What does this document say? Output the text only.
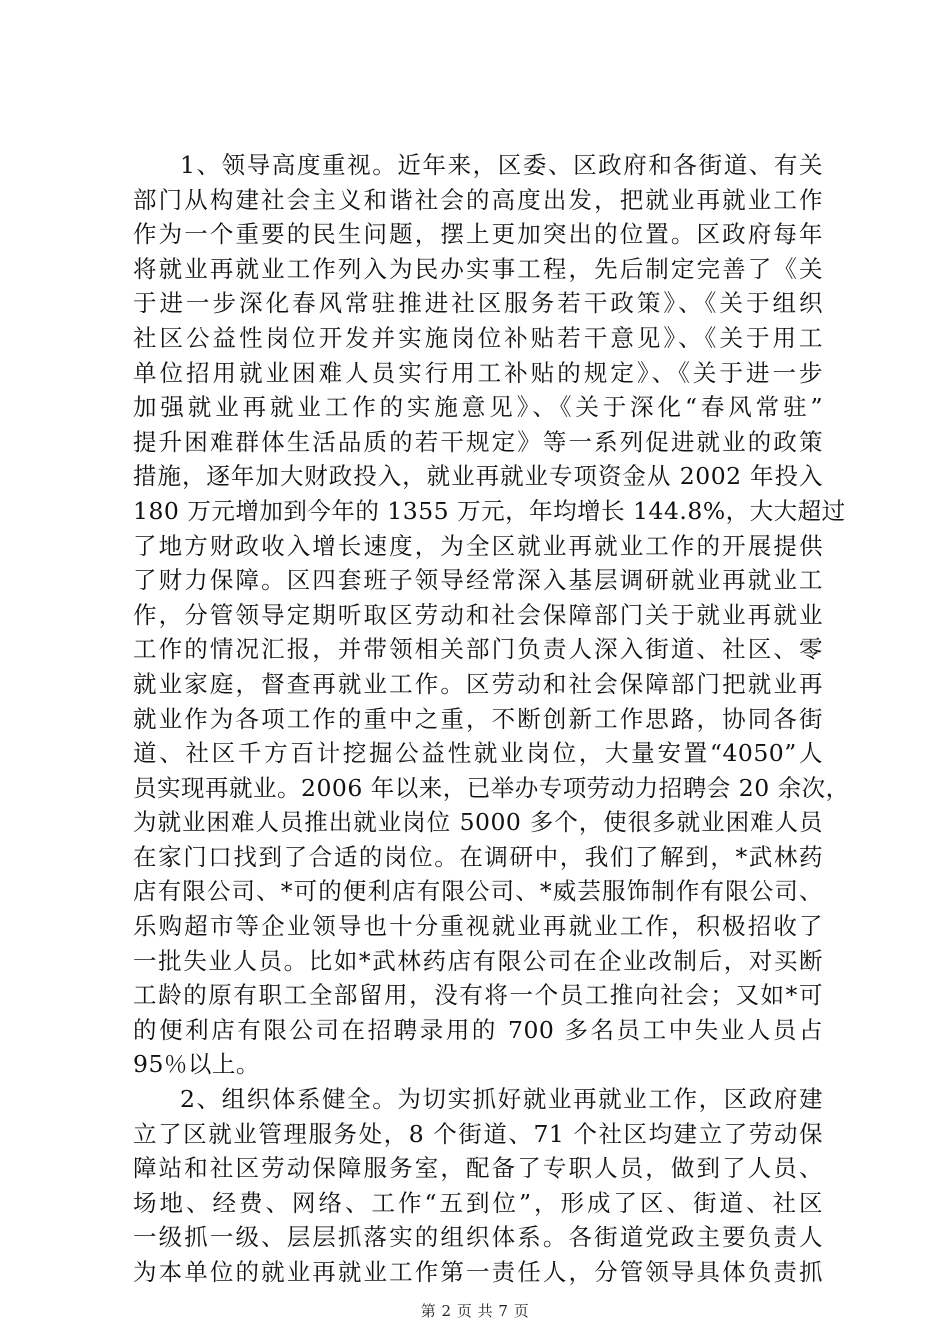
1、领导高度重视。近年来，区委、区政府和各街道、有关
部门从构建社会主义和谐社会的高度出发，把就业再就业工作
作为一个重要的民生问题，摆上更加突出的位置。区政府每年
将就业再就业工作列入为民办实事工程，先后制定完善了《关
于进一步深化春风常驻推进社区服务若干政策》、《关于组织
社区公益性岗位开发并实施岗位补贴若干意见》、《关于用工
单位招用就业困难人员实行用工补贴的规定》、《关于进一步
加强就业再就业工作的实施意见》、《关于深化“春风常驻”
提升困难群体生活品质的若干规定》等一系列促进就业的政策
措施，逐年加大财政投入，就业再就业专项资金从 2002 年投入
180 万元增加到今年的 1355 万元，年均增长 144.8%，大大超过
了地方财政收入增长速度，为全区就业再就业工作的开展提供
了财力保障。区四套班子领导经常深入基层调研就业再就业工
作，分管领导定期听取区劳动和社会保障部门关于就业再就业
工作的情况汇报，并带领相关部门负责人深入街道、社区、零
就业家庭，督查再就业工作。区劳动和社会保障部门把就业再
就业作为各项工作的重中之重，不断创新工作思路，协同各街
道、社区千方百计挖掘公益性就业岗位，大量安置“4050”人
员实现再就业。2006 年以来，已举办专项劳动力招聘会 20 余次，
为就业困难人员推出就业岗位 5000 多个，使很多就业困难人员
在家门口找到了合适的岗位。在调研中，我们了解到，*武林药
店有限公司、*可的便利店有限公司、*威芸服饰制作有限公司、
乐购超市等企业领导也十分重视就业再就业工作，积极招收了
一批失业人员。比如*武林药店有限公司在企业改制后，对买断
工龄的原有职工全部留用，没有将一个员工推向社会；又如*可
的便利店有限公司在招聘录用的 700 多名员工中失业人员占
95％以上。
2、组织体系健全。为切实抓好就业再就业工作，区政府建
立了区就业管理服务处，8 个街道、71 个社区均建立了劳动保
障站和社区劳动保障服务室，配备了专职人员，做到了人员、
场地、经费、网络、工作“五到位”，形成了区、街道、社区
一级抓一级、层层抓落实的组织体系。各街道党政主要负责人
为本单位的就业再就业工作第一责任人，分管领导具体负责抓
第 2 页 共 7 页
